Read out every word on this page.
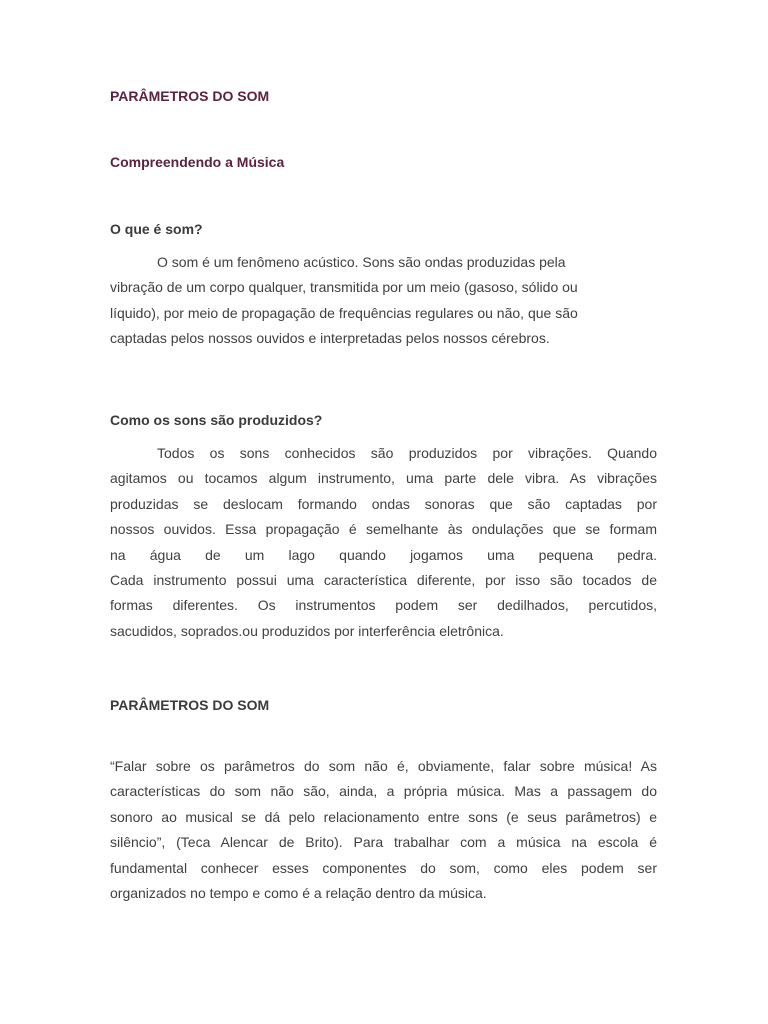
PARÂMETROS DO SOM
Compreendendo a Música
O que é som?
O som é um fenômeno acústico. Sons são ondas produzidas pela
vibração de um corpo qualquer, transmitida por um meio (gasoso, sólido ou
líquido), por meio de propagação de frequências regulares ou não, que são
captadas pelos nossos ouvidos e interpretadas pelos nossos cérebros.
Como os sons são produzidos?
Todos os sons conhecidos são produzidos por vibrações. Quando
agitamos ou tocamos algum instrumento, uma parte dele vibra. As vibrações
produzidas se deslocam formando ondas sonoras que são captadas por
nossos ouvidos. Essa propagação é semelhante às ondulações que se formam
na água de um lago quando jogamos uma pequena pedra.
Cada instrumento possui uma característica diferente, por isso são tocados de
formas diferentes. Os instrumentos podem ser dedilhados, percutidos,
sacudidos, soprados.ou produzidos por interferência eletrônica.
PARÂMETROS DO SOM
“Falar sobre os parâmetros do som não é, obviamente, falar sobre música! As
características do som não são, ainda, a própria música. Mas a passagem do
sonoro ao musical se dá pelo relacionamento entre sons (e seus parâmetros) e
silêncio”, (Teca Alencar de Brito). Para trabalhar com a música na escola é
fundamental conhecer esses componentes do som, como eles podem ser
organizados no tempo e como é a relação dentro da música.
